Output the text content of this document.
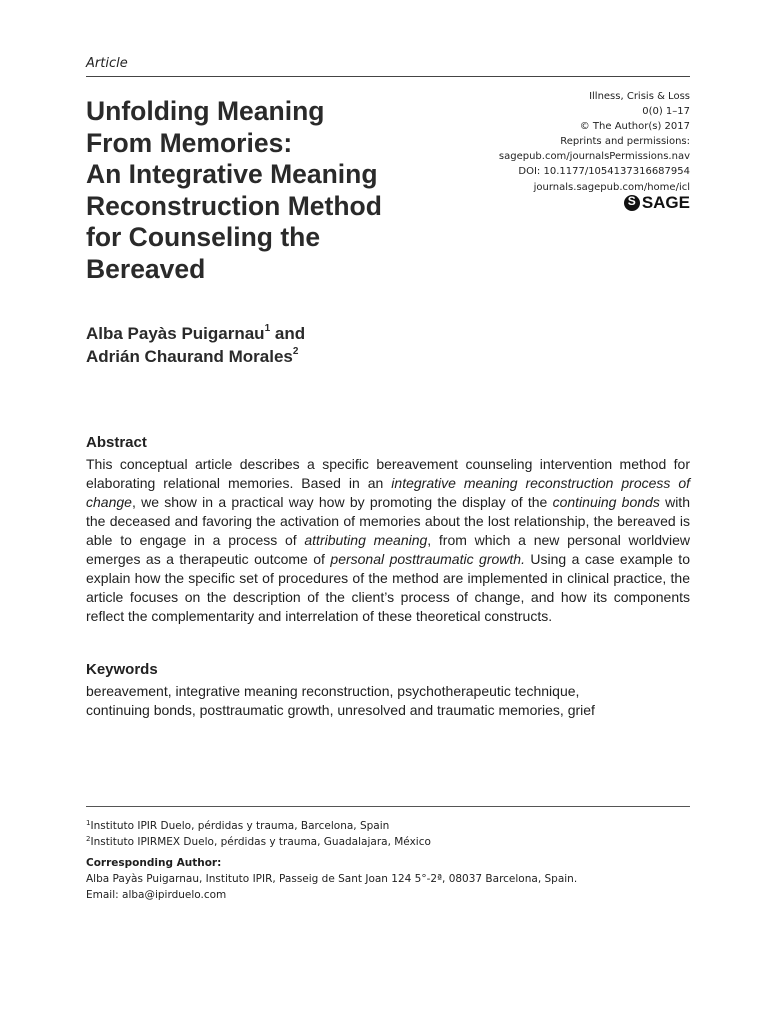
Article
Unfolding Meaning
From Memories:
An Integrative Meaning
Reconstruction Method
for Counseling the
Bereaved
Illness, Crisis & Loss
0(0) 1–17
© The Author(s) 2017
Reprints and permissions:
sagepub.com/journalsPermissions.nav
DOI: 10.1177/1054137316687954
journals.sagepub.com/home/icl
S
SAGE
Alba Payàs Puigarnau$^1$ and
Adrián Chaurand Morales$^2$
Abstract

This conceptual article describes a specific bereavement counseling intervention method for elaborating relational memories. Based in an integrative meaning reconstruction process of change, we show in a practical way how by promoting the display of the continuing bonds with the deceased and favoring the activation of memories about the lost relationship, the bereaved is able to engage in a process of attributing meaning, from which a new personal worldview emerges as a therapeutic outcome of personal posttraumatic growth. Using a case example to explain how the specific set of procedures of the method are implemented in clinical practice, the article focuses on the description of the client’s process of change, and how its components reflect the complementarity and interrelation of these theoretical constructs.

Keywords
bereavement, integrative meaning reconstruction, psychotherapeutic technique,
continuing bonds, posttraumatic growth, unresolved and traumatic memories, grief
$^1$Instituto IPIR Duelo, pérdidas y trauma, Barcelona, Spain
$^2$Instituto IPIRMEX Duelo, pérdidas y trauma, Guadalajara, México
Corresponding Author:
Alba Payàs Puigarnau, Instituto IPIR, Passeig de Sant Joan 124 5°-2ª, 08037 Barcelona, Spain.
Email: alba@ipirduelo.com
